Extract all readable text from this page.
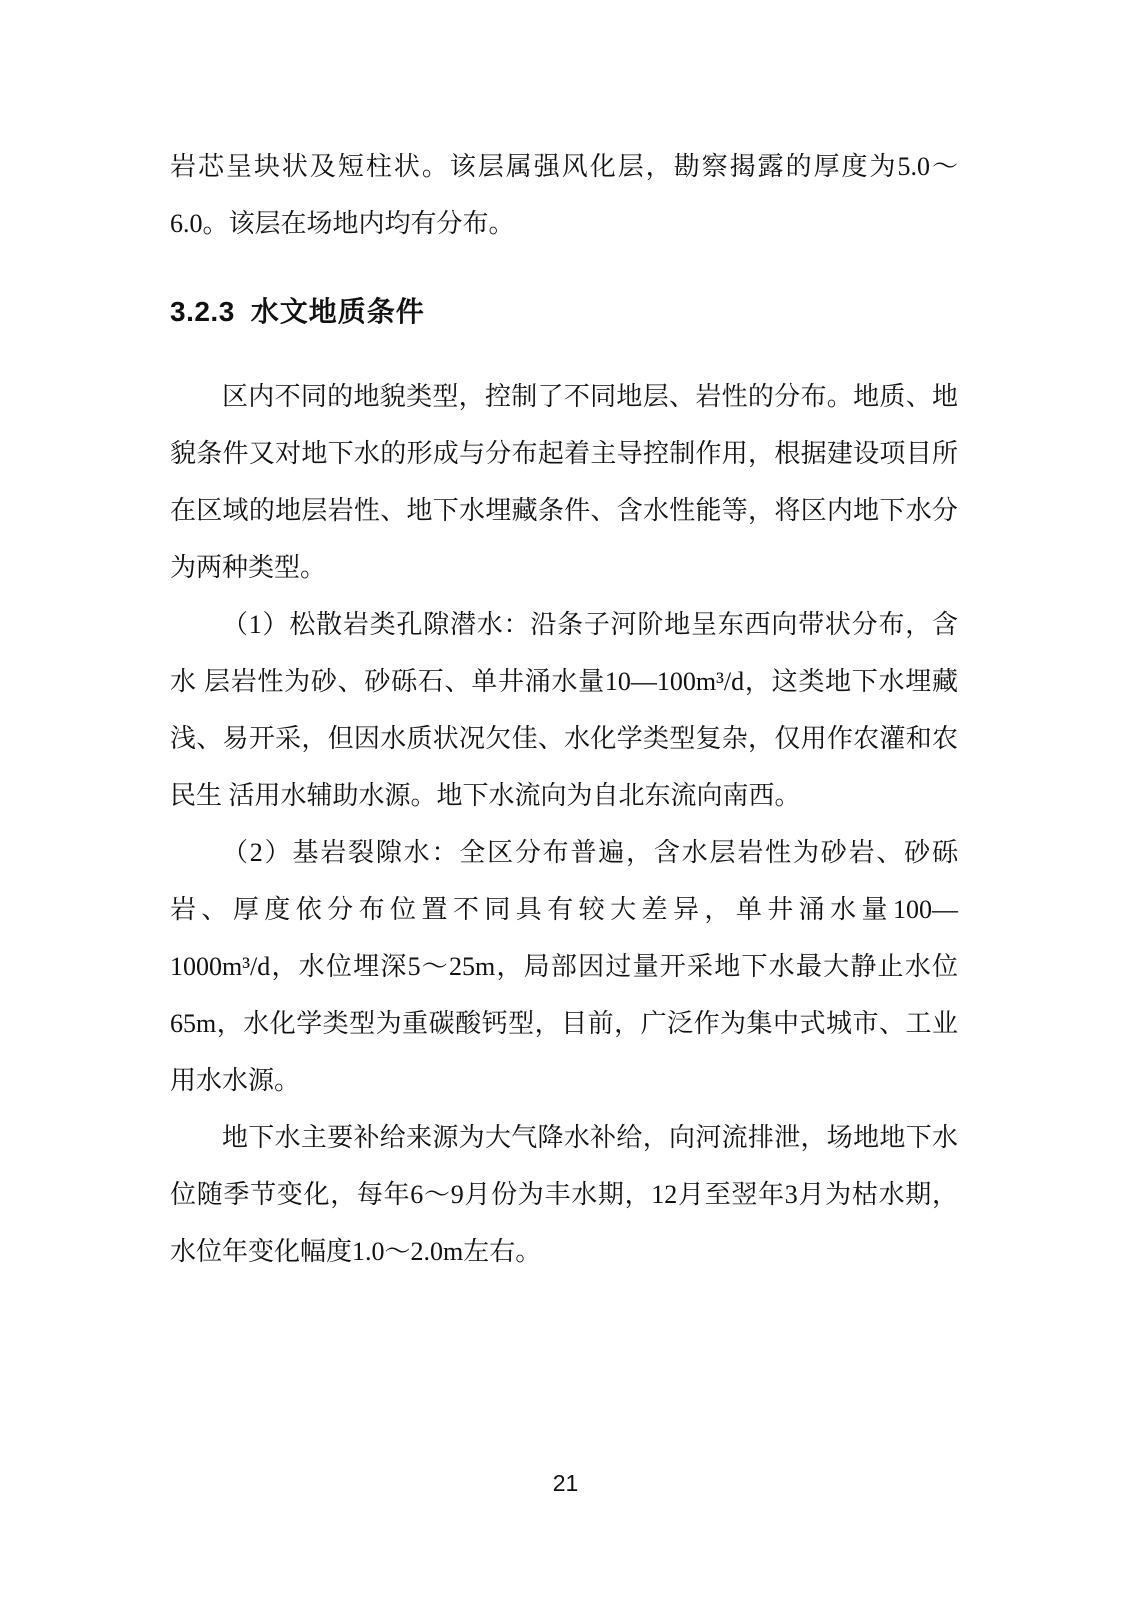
岩芯呈块状及短柱状。该层属强风化层，勘察揭露的厚度为5.0～6.0。该层在场地内均有分布。

3.2.3 水文地质条件

区内不同的地貌类型，控制了不同地层、岩性的分布。地质、地貌条件又对地下水的形成与分布起着主导控制作用，根据建设项目所在区域的地层岩性、地下水埋藏条件、含水性能等，将区内地下水分为两种类型。

（1）松散岩类孔隙潜水：沿条子河阶地呈东西向带状分布，含水 层岩性为砂、砂砾石、单井涌水量10—100m³/d，这类地下水埋藏浅、易开采，但因水质状况欠佳、水化学类型复杂，仅用作农灌和农民生 活用水辅助水源。地下水流向为自北东流向南西。

（2）基岩裂隙水：全区分布普遍，含水层岩性为砂岩、砂砾岩、厚度依分布位置不同具有较大差异，单井涌水量100—1000m³/d，水位埋深5～25m，局部因过量开采地下水最大静止水位65m，水化学类型为重碳酸钙型，目前，广泛作为集中式城市、工业用水水源。

地下水主要补给来源为大气降水补给，向河流排泄，场地地下水位随季节变化，每年6～9月份为丰水期，12月至翌年3月为枯水期，水位年变化幅度1.0～2.0m左右。

21
